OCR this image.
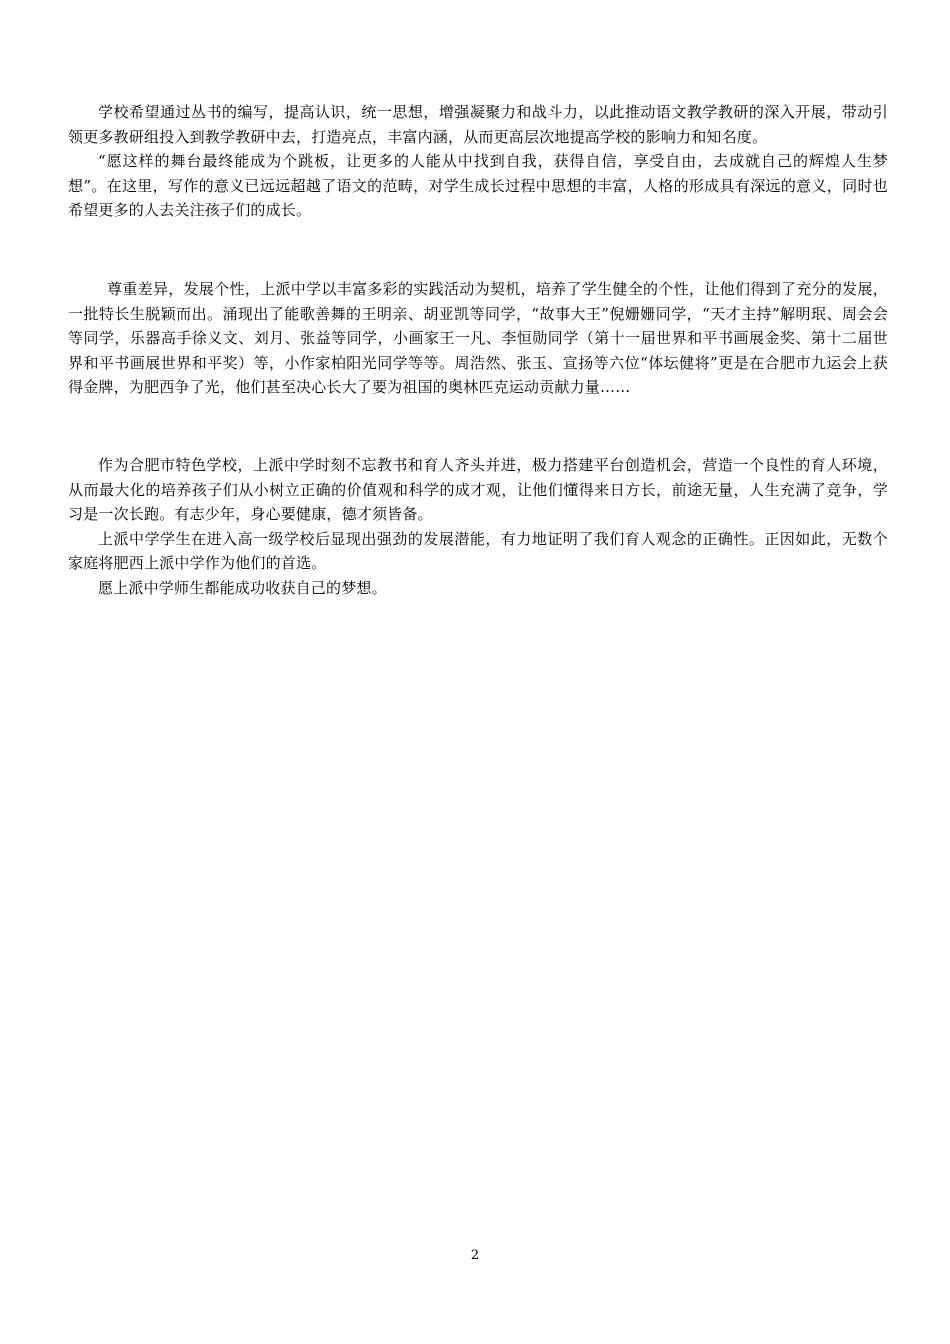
学校希望通过丛书的编写，提高认识，统一思想，增强凝聚力和战斗力，以此推动语文教学教研的深入开展，带动引领更多教研组投入到教学教研中去，打造亮点，丰富内涵，从而更高层次地提高学校的影响力和知名度。

“愿这样的舞台最终能成为个跳板，让更多的人能从中找到自我，获得自信，享受自由，去成就自己的辉煌人生梦想”。在这里，写作的意义已远远超越了语文的范畴，对学生成长过程中思想的丰富，人格的形成具有深远的意义，同时也希望更多的人去关注孩子们的成长。

尊重差异，发展个性，上派中学以丰富多彩的实践活动为契机，培养了学生健全的个性，让他们得到了充分的发展，一批特长生脱颖而出。涌现出了能歌善舞的王明亲、胡亚凯等同学，“故事大王”倪姗姗同学，“天才主持”解明珉、周会会等同学，乐器高手徐义文、刘月、张益等同学，小画家王一凡、李恒勋同学（第十一届世界和平书画展金奖、第十二届世界和平书画展世界和平奖）等，小作家柏阳光同学等等。周浩然、张玉、宣扬等六位“体坛健将”更是在合肥市九运会上获得金牌，为肥西争了光，他们甚至决心长大了要为祖国的奥林匹克运动贡献力量……

作为合肥市特色学校，上派中学时刻不忘教书和育人齐头并进，极力搭建平台创造机会，营造一个良性的育人环境，从而最大化的培养孩子们从小树立正确的价值观和科学的成才观，让他们懂得来日方长，前途无量，人生充满了竞争，学习是一次长跑。有志少年，身心要健康，德才须皆备。

上派中学学生在进入高一级学校后显现出强劲的发展潜能，有力地证明了我们育人观念的正确性。正因如此，无数个家庭将肥西上派中学作为他们的首选。

愿上派中学师生都能成功收获自己的梦想。

2
